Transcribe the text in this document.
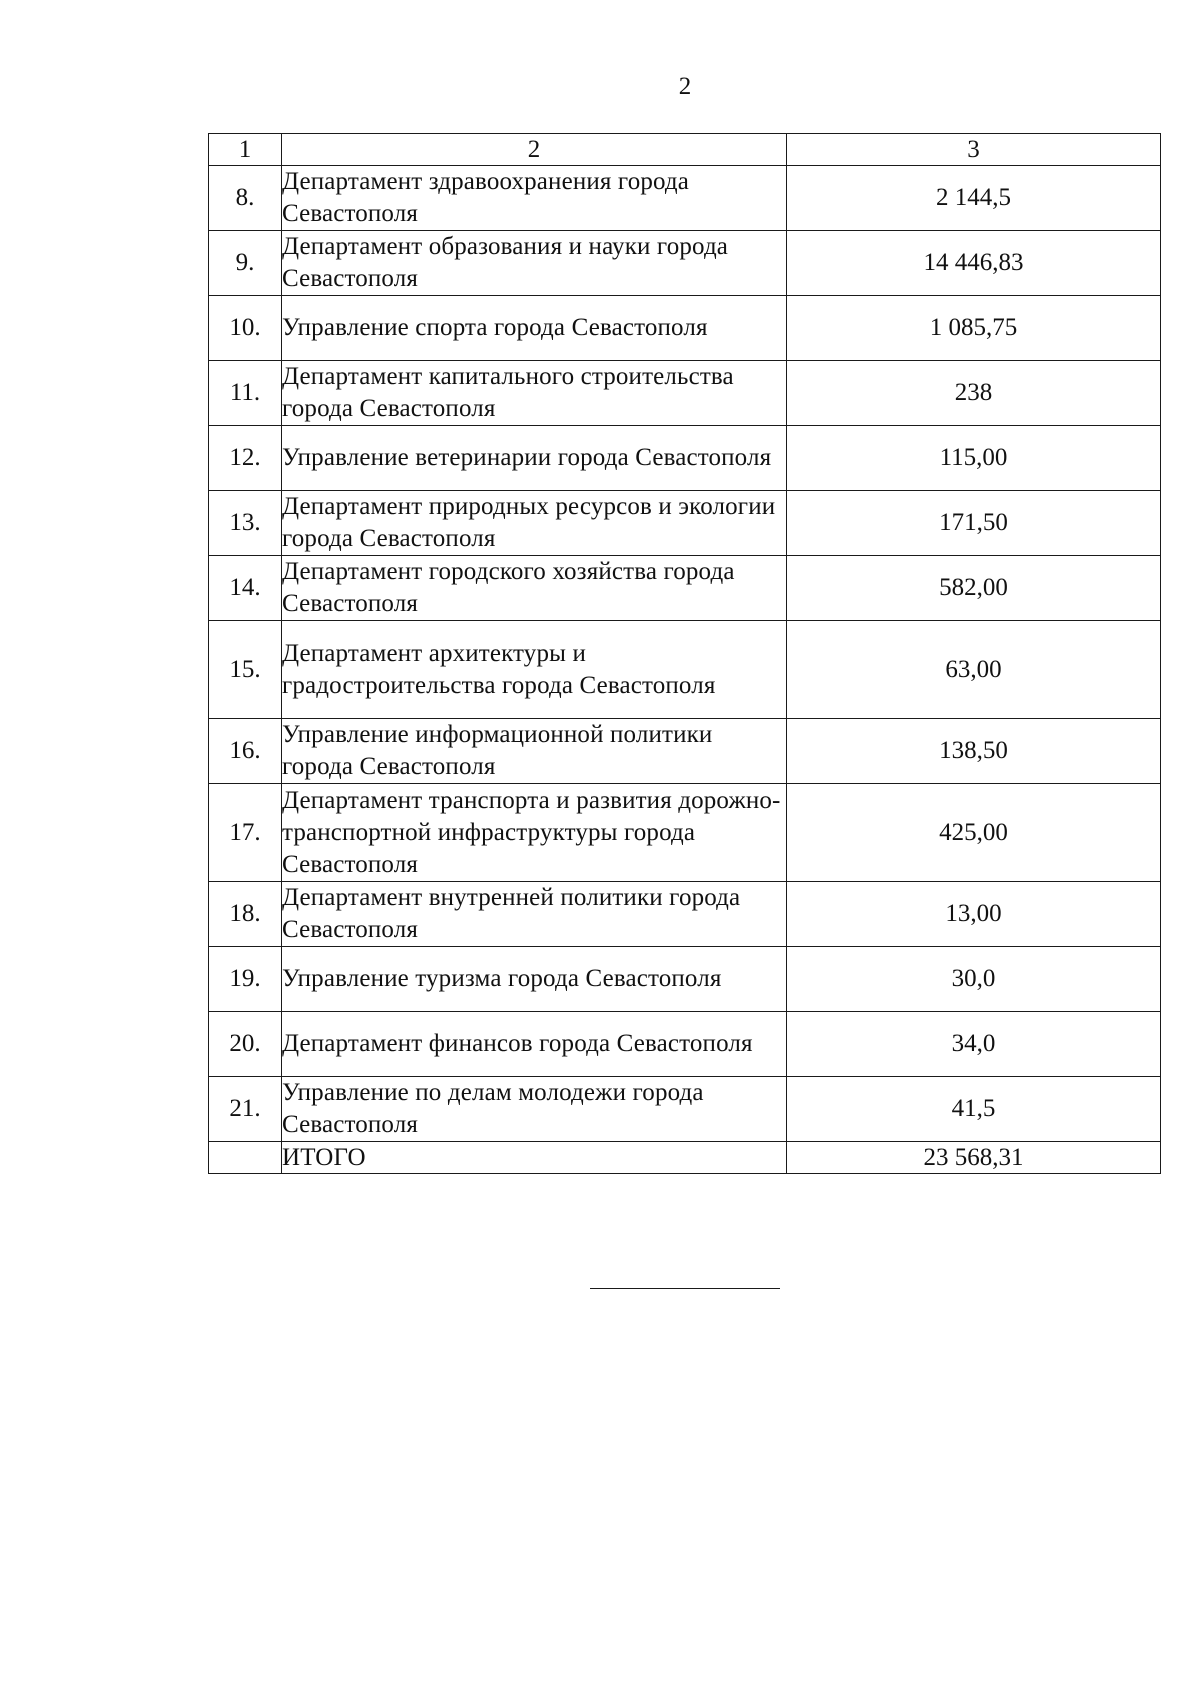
2
1	2	3
8.	Департамент здравоохранения города Севастополя	2 144,5
9.	Департамент образования и науки города Севастополя	14 446,83
10.	Управление спорта города Севастополя	1 085,75
11.	Департамент капитального строительства города Севастополя	238
12.	Управление ветеринарии города Севастополя	115,00
13.	Департамент природных ресурсов и экологии города Севастополя	171,50
14.	Департамент городского хозяйства города Севастополя	582,00
15.	Департамент архитектуры и градостроительства города Севастополя	63,00
16.	Управление информационной политики города Севастополя	138,50
17.	Департамент транспорта и развития дорожно-транспортной инфраструктуры города Севастополя	425,00
18.	Департамент внутренней политики города Севастополя	13,00
19.	Управление туризма города Севастополя	30,0
20.	Департамент финансов города Севастополя	34,0
21.	Управление по делам молодежи города Севастополя	41,5
	ИТОГО	23 568,31
